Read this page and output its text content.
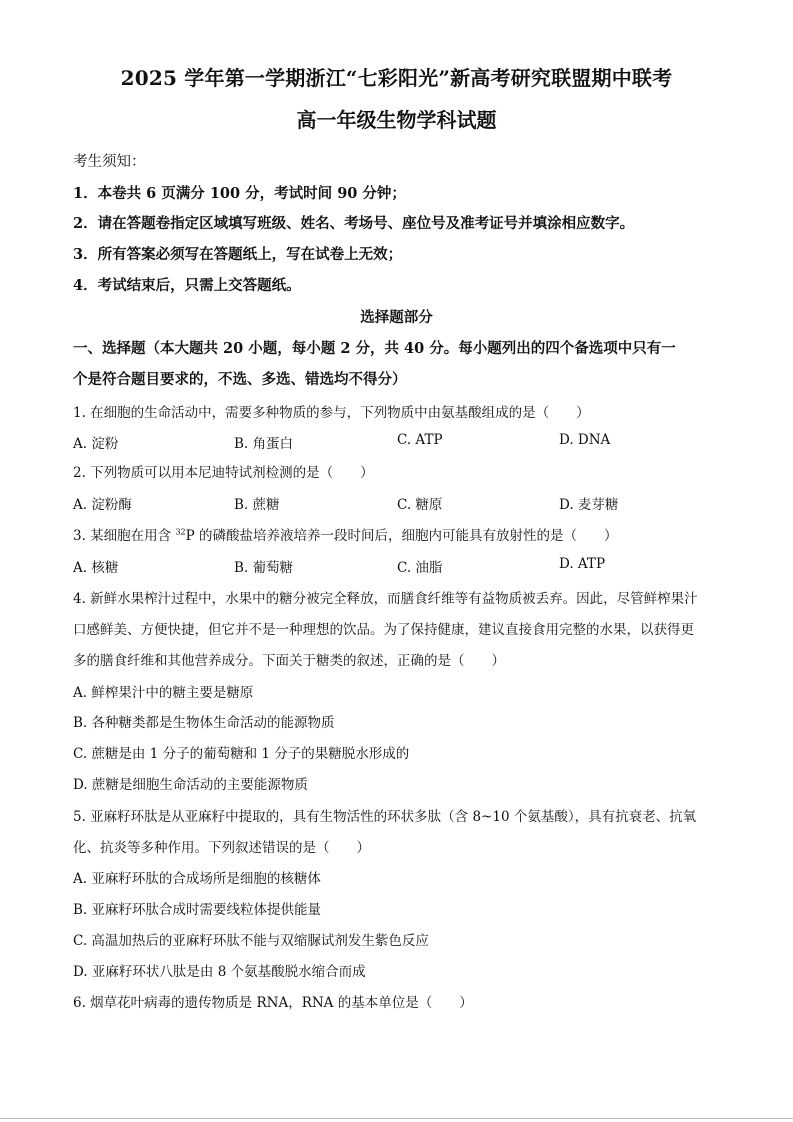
2025 学年第一学期浙江“七彩阳光”新高考研究联盟期中联考
高一年级生物学科试题
考生须知：
1．本卷共 6 页满分 100 分，考试时间 90 分钟；
2．请在答题卷指定区域填写班级、姓名、考场号、座位号及准考证号并填涂相应数字。
3．所有答案必须写在答题纸上，写在试卷上无效；
4．考试结束后，只需上交答题纸。
选择题部分
一、选择题（本大题共 20 小题，每小题 2 分，共 40 分。每小题列出的四个备选项中只有一
个是符合题目要求的，不选、多选、错选均不得分）
1. 在细胞的生命活动中，需要多种物质的参与，下列物质中由氨基酸组成的是（　　）
A. 淀粉	B. 角蛋白	C. ATP	D. DNA
2. 下列物质可以用本尼迪特试剂检测的是（　　）
A. 淀粉酶	B. 蔗糖	C. 糖原	D. 麦芽糖
3. 某细胞在用含 $^{32}$P 的磷酸盐培养液培养一段时间后，细胞内可能具有放射性的是（　　）
A. 核糖	B. 葡萄糖	C. 油脂	D. ATP
4. 新鲜水果榨汁过程中，水果中的糖分被完全释放，而膳食纤维等有益物质被丢弃。因此，尽管鲜榨果汁
口感鲜美、方便快捷，但它并不是一种理想的饮品。为了保持健康，建议直接食用完整的水果，以获得更
多的膳食纤维和其他营养成分。下面关于糖类的叙述，正确的是（　　）
A. 鲜榨果汁中的糖主要是糖原
B. 各种糖类都是生物体生命活动的能源物质
C. 蔗糖是由 1 分子的葡萄糖和 1 分子的果糖脱水形成的
D. 蔗糖是细胞生命活动的主要能源物质
5. 亚麻籽环肽是从亚麻籽中提取的，具有生物活性的环状多肽（含 8~10 个氨基酸），具有抗衰老、抗氧
化、抗炎等多种作用。下列叙述错误的是（　　）
A. 亚麻籽环肽的合成场所是细胞的核糖体
B. 亚麻籽环肽合成时需要线粒体提供能量
C. 高温加热后的亚麻籽环肽不能与双缩脲试剂发生紫色反应
D. 亚麻籽环状八肽是由 8 个氨基酸脱水缩合而成
6. 烟草花叶病毒的遗传物质是 RNA，RNA 的基本单位是（　　）
